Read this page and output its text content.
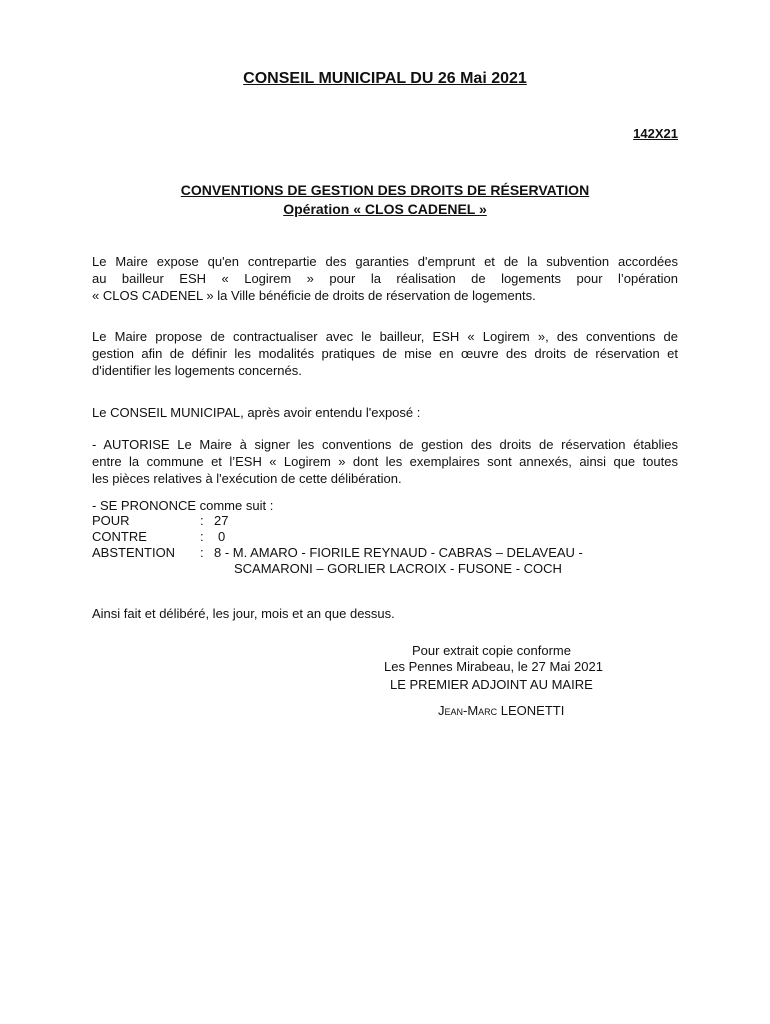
CONSEIL MUNICIPAL DU 26 Mai 2021
142X21
CONVENTIONS DE GESTION DES DROITS DE RÉSERVATION
Opération « CLOS CADENEL »
Le Maire expose qu'en contrepartie des garanties d'emprunt et de la subvention accordées
au bailleur ESH « Logirem » pour la réalisation de logements pour l’opération
« CLOS CADENEL » la Ville bénéficie de droits de réservation de logements.
Le Maire propose de contractualiser avec le bailleur, ESH « Logirem », des conventions de
gestion afin de définir les modalités pratiques de mise en œuvre des droits de réservation et
d'identifier les logements concernés.
Le CONSEIL MUNICIPAL, après avoir entendu l'exposé :
- AUTORISE Le Maire à signer les conventions de gestion des droits de réservation établies
entre la commune et l’ESH « Logirem » dont les exemplaires sont annexés, ainsi que toutes
les pièces relatives à l'exécution de cette délibération.
- SE PRONONCE comme suit :
POUR	: 27
CONTRE	: 0
ABSTENTION : 8 - M. AMARO - FIORILE REYNAUD - CABRAS – DELAVEAU -
SCAMARONI – GORLIER LACROIX - FUSONE - COCH
Ainsi fait et délibéré, les jour, mois et an que dessus.
Pour extrait copie conforme
Les Pennes Mirabeau, le 27 Mai 2021
LE PREMIER ADJOINT AU MAIRE
Jean-Marc LEONETTI
